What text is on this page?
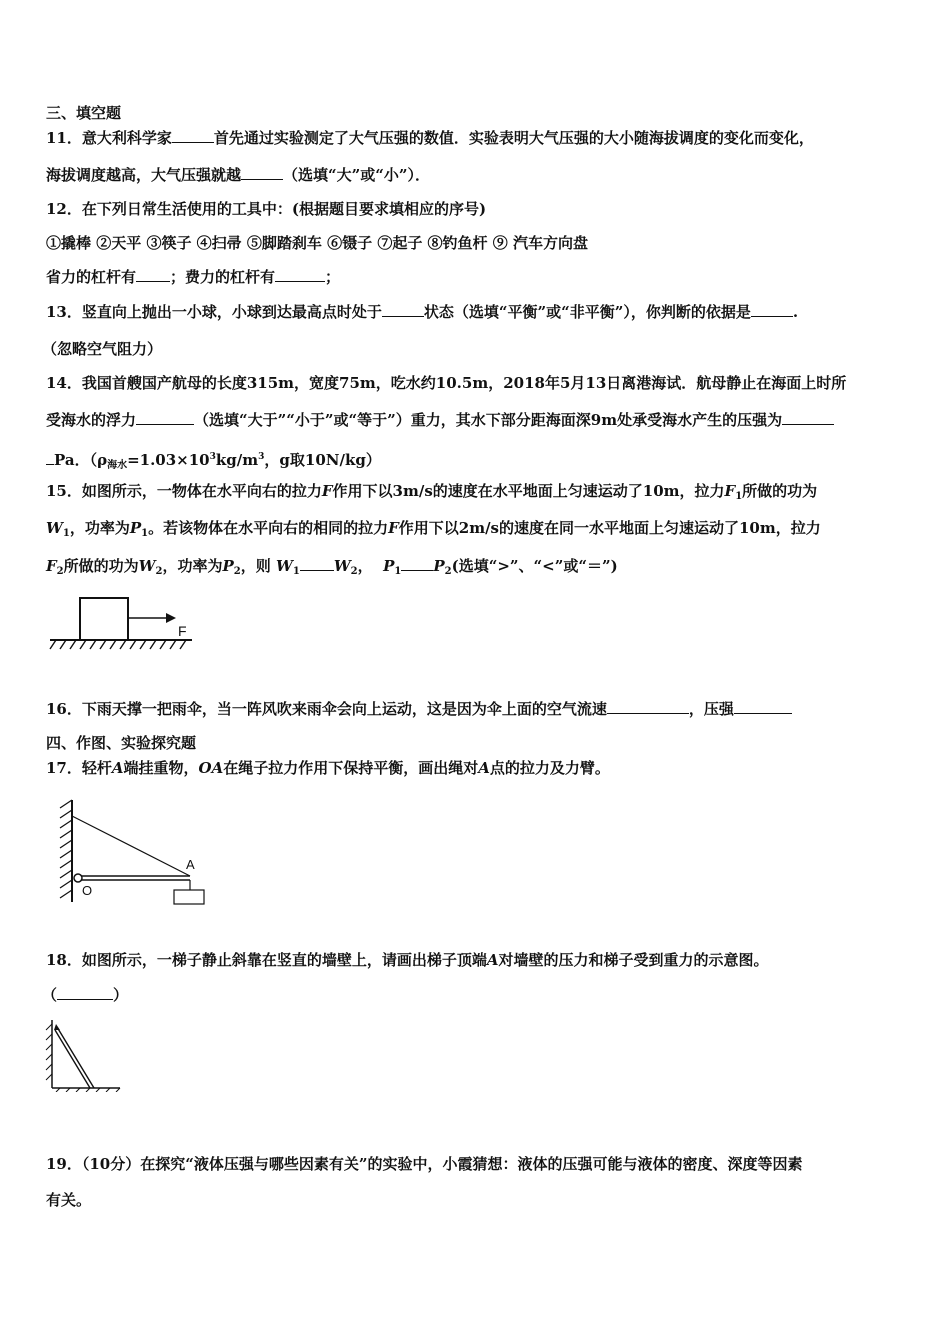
三、填空题
11．意大利科学家	首先通过实验测定了大气压强的数值．实验表明大气压强的大小随海拔调度的变化而变化，
海拔调度越高，大气压强就越	（选填“大”或“小”）．
12．在下列日常生活使用的工具中：(根据题目要求填相应的序号)
①撬棒 ②天平 ③筷子 ④扫帚 ⑤脚踏刹车 ⑥镊子 ⑦起子 ⑧钓鱼杆 ⑨ 汽车方向盘
省力的杠杆有 ；费力的杠杆有	；
13．竖直向上抛出一小球，小球到达最高点时处于	状态（选填“平衡”或“非平衡”），你判断的依据是	.
（忽略空气阻力）
14．我国首艘国产航母的长度315m，宽度75m，吃水约10.5m，2018年5月13日离港海试．航母静止在海面上时所
受海水的浮力	（选填“大于”“小于”或“等于”）重力，其水下部分距海面深9m处承受海水产生的压强为
Pa．（$\rho_{海水}=1.03\times 10^3kg/m^3$，g取10N/kg）
15．如图所示，一物体在水平向右的拉力F作用下以3m/s的速度在水平地面上匀速运动了10m，拉力$F_1$所做的功为
$W_1$，功率为$P_1$。若该物体在水平向右的相同的拉力F作用下以2m/s的速度在同一水平地面上匀速运动了10m，拉力
$F_2$所做的功为$W_2$，功率为$P_2$，则 $W_1$ $W_2$， $P_1$ $P_2$(选填“>”、“<”或“＝”)
F
16．下雨天撑一把雨伞，当一阵风吹来雨伞会向上运动，这是因为伞上面的空气流速	，压强
四、作图、实验探究题
17．轻杆A端挂重物，OA在绳子拉力作用下保持平衡，画出绳对A点的拉力及力臂。
A
O
18．如图所示，一梯子静止斜靠在竖直的墙壁上，请画出梯子顶端A对墙壁的压力和梯子受到重力的示意图。
（	）
19．（10分）在探究“液体压强与哪些因素有关”的实验中，小霞猜想：液体的压强可能与液体的密度、深度等因素
有关。
